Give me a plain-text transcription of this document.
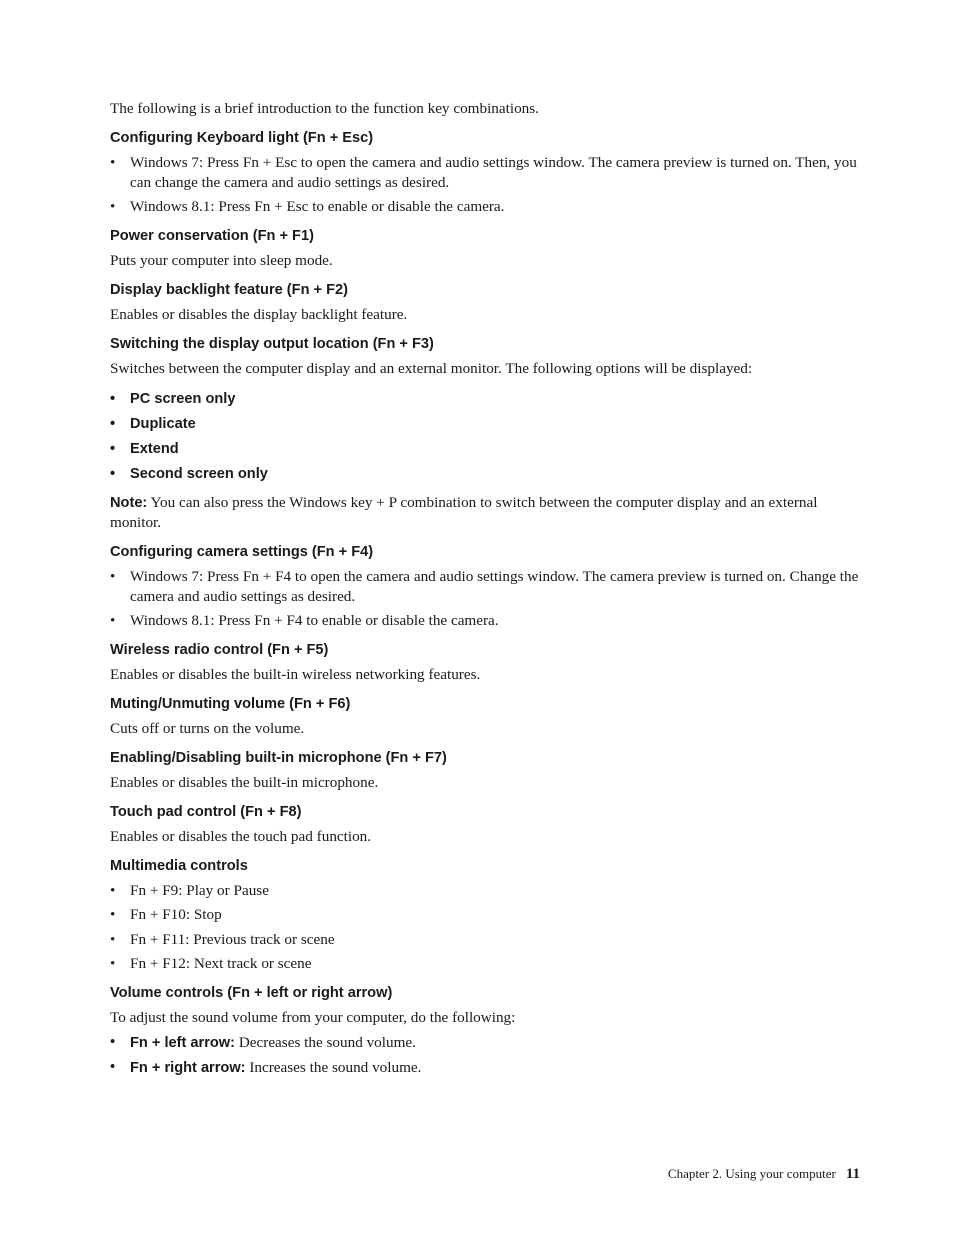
The following is a brief introduction to the function key combinations.

Configuring Keyboard light (Fn + Esc)
• Windows 7: Press Fn + Esc to open the camera and audio settings window. The camera preview is turned on. Then, you can change the camera and audio settings as desired.
• Windows 8.1: Press Fn + Esc to enable or disable the camera.
Power conservation (Fn + F1)

Puts your computer into sleep mode.

Display backlight feature (Fn + F2)

Enables or disables the display backlight feature.

Switching the display output location (Fn + F3)

Switches between the computer display and an external monitor. The following options will be displayed:

• PC screen only
• Duplicate
• Extend
• Second screen only

Note: You can also press the Windows key + P combination to switch between the computer display and an external monitor.

Configuring camera settings (Fn + F4)
• Windows 7: Press Fn + F4 to open the camera and audio settings window. The camera preview is turned on. Change the camera and audio settings as desired.
• Windows 8.1: Press Fn + F4 to enable or disable the camera.
Wireless radio control (Fn + F5)

Enables or disables the built-in wireless networking features.

Muting/Unmuting volume (Fn + F6)

Cuts off or turns on the volume.

Enabling/Disabling built-in microphone (Fn + F7)

Enables or disables the built-in microphone.

Touch pad control (Fn + F8)

Enables or disables the touch pad function.

Multimedia controls
• Fn + F9: Play or Pause
• Fn + F10: Stop
• Fn + F11: Previous track or scene
• Fn + F12: Next track or scene
Volume controls (Fn + left or right arrow)

To adjust the sound volume from your computer, do the following:

• Fn + left arrow: Decreases the sound volume.
• Fn + right arrow: Increases the sound volume.
Chapter 2. Using your computer 11
